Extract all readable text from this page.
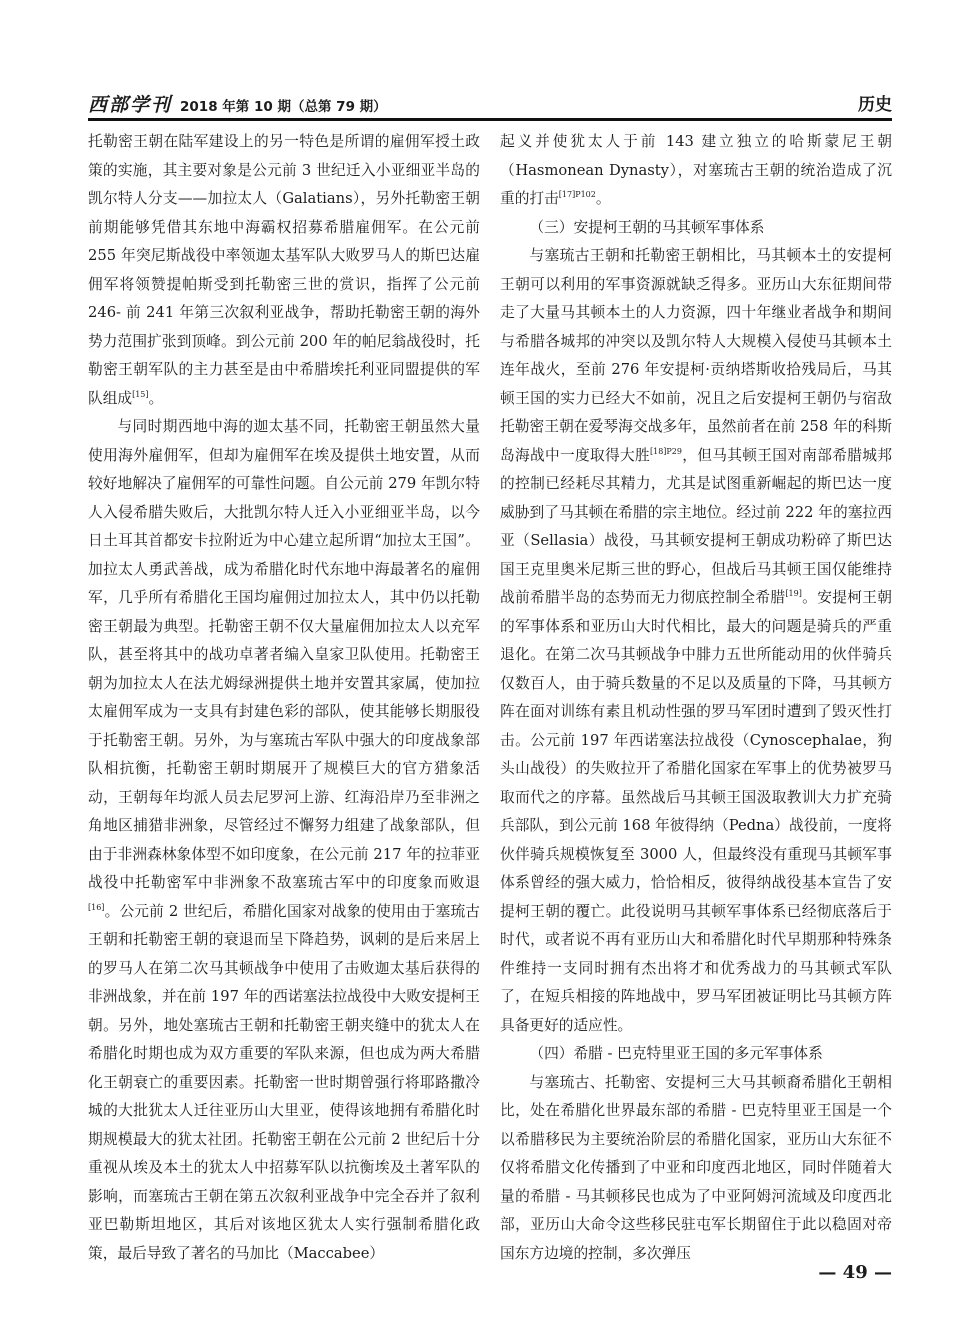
西部学刊 2018 年第 10 期（总第 79 期）	历史

托勒密王朝在陆军建设上的另一特色是所谓的雇佣军授土政策的实施，其主要对象是公元前 3 世纪迁入小亚细亚半岛的凯尔特人分支——加拉太人（Galatians），另外托勒密王朝前期能够凭借其东地中海霸权招募希腊雇佣军。在公元前 255 年突尼斯战役中率领迦太基军队大败罗马人的斯巴达雇佣军将领赞提帕斯受到托勒密三世的赏识，指挥了公元前 246- 前 241 年第三次叙利亚战争，帮助托勒密王朝的海外势力范围扩张到顶峰。到公元前 200 年的帕尼翁战役时，托勒密王朝军队的主力甚至是由中希腊埃托利亚同盟提供的军队组成[15]。

与同时期西地中海的迦太基不同，托勒密王朝虽然大量使用海外雇佣军，但却为雇佣军在埃及提供土地安置，从而较好地解决了雇佣军的可靠性问题。自公元前 279 年凯尔特人入侵希腊失败后，大批凯尔特人迁入小亚细亚半岛，以今日土耳其首都安卡拉附近为中心建立起所谓“加拉太王国”。加拉太人勇武善战，成为希腊化时代东地中海最著名的雇佣军，几乎所有希腊化王国均雇佣过加拉太人，其中仍以托勒密王朝最为典型。托勒密王朝不仅大量雇佣加拉太人以充军队，甚至将其中的战功卓著者编入皇家卫队使用。托勒密王朝为加拉太人在法尤姆绿洲提供土地并安置其家属，使加拉太雇佣军成为一支具有封建色彩的部队，使其能够长期服役于托勒密王朝。另外，为与塞琉古军队中强大的印度战象部队相抗衡，托勒密王朝时期展开了规模巨大的官方猎象活动，王朝每年均派人员去尼罗河上游、红海沿岸乃至非洲之角地区捕猎非洲象，尽管经过不懈努力组建了战象部队，但由于非洲森林象体型不如印度象，在公元前 217 年的拉菲亚战役中托勒密军中非洲象不敌塞琉古军中的印度象而败退[16]。公元前 2 世纪后，希腊化国家对战象的使用由于塞琉古王朝和托勒密王朝的衰退而呈下降趋势，讽刺的是后来居上的罗马人在第二次马其顿战争中使用了击败迦太基后获得的非洲战象，并在前 197 年的西诺塞法拉战役中大败安提柯王朝。另外，地处塞琉古王朝和托勒密王朝夹缝中的犹太人在希腊化时期也成为双方重要的军队来源，但也成为两大希腊化王朝衰亡的重要因素。托勒密一世时期曾强行将耶路撒冷城的大批犹太人迁往亚历山大里亚，使得该地拥有希腊化时期规模最大的犹太社团。托勒密王朝在公元前 2 世纪后十分重视从埃及本土的犹太人中招募军队以抗衡埃及土著军队的影响，而塞琉古王朝在第五次叙利亚战争中完全吞并了叙利亚巴勒斯坦地区，其后对该地区犹太人实行强制希腊化政策，最后导致了著名的马加比（Maccabee）

起义并使犹太人于前 143 建立独立的哈斯蒙尼王朝（Hasmonean Dynasty），对塞琉古王朝的统治造成了沉重的打击$^{[17]P102}$。

（三）安提柯王朝的马其顿军事体系

与塞琉古王朝和托勒密王朝相比，马其顿本土的安提柯王朝可以利用的军事资源就缺乏得多。亚历山大东征期间带走了大量马其顿本土的人力资源，四十年继业者战争和期间与希腊各城邦的冲突以及凯尔特人大规模入侵使马其顿本土连年战火，至前 276 年安提柯·贡纳塔斯收拾残局后，马其顿王国的实力已经大不如前，况且之后安提柯王朝仍与宿敌托勒密王朝在爱琴海交战多年，虽然前者在前 258 年的科斯岛海战中一度取得大胜$^{[18]P29}$，但马其顿王国对南部希腊城邦的控制已经耗尽其精力，尤其是试图重新崛起的斯巴达一度威胁到了马其顿在希腊的宗主地位。经过前 222 年的塞拉西亚（Sellasia）战役，马其顿安提柯王朝成功粉碎了斯巴达国王克里奥米尼斯三世的野心，但战后马其顿王国仅能维持战前希腊半岛的态势而无力彻底控制全希腊[19]。安提柯王朝的军事体系和亚历山大时代相比，最大的问题是骑兵的严重退化。在第二次马其顿战争中腓力五世所能动用的伙伴骑兵仅数百人，由于骑兵数量的不足以及质量的下降，马其顿方阵在面对训练有素且机动性强的罗马军团时遭到了毁灭性打击。公元前 197 年西诺塞法拉战役（Cynoscephalae，狗头山战役）的失败拉开了希腊化国家在军事上的优势被罗马取而代之的序幕。虽然战后马其顿王国汲取教训大力扩充骑兵部队，到公元前 168 年彼得纳（Pedna）战役前，一度将伙伴骑兵规模恢复至 3000 人，但最终没有重现马其顿军事体系曾经的强大威力，恰恰相反，彼得纳战役基本宣告了安提柯王朝的覆亡。此役说明马其顿军事体系已经彻底落后于时代，或者说不再有亚历山大和希腊化时代早期那种特殊条件维持一支同时拥有杰出将才和优秀战力的马其顿式军队了，在短兵相接的阵地战中，罗马军团被证明比马其顿方阵具备更好的适应性。

（四）希腊 - 巴克特里亚王国的多元军事体系

与塞琉古、托勒密、安提柯三大马其顿裔希腊化王朝相比，处在希腊化世界最东部的希腊 - 巴克特里亚王国是一个以希腊移民为主要统治阶层的希腊化国家，亚历山大东征不仅将希腊文化传播到了中亚和印度西北地区，同时伴随着大量的希腊 - 马其顿移民也成为了中亚阿姆河流域及印度西北部，亚历山大命令这些移民驻屯军长期留住于此以稳固对帝国东方边境的控制，多次弹压

— 49 —
